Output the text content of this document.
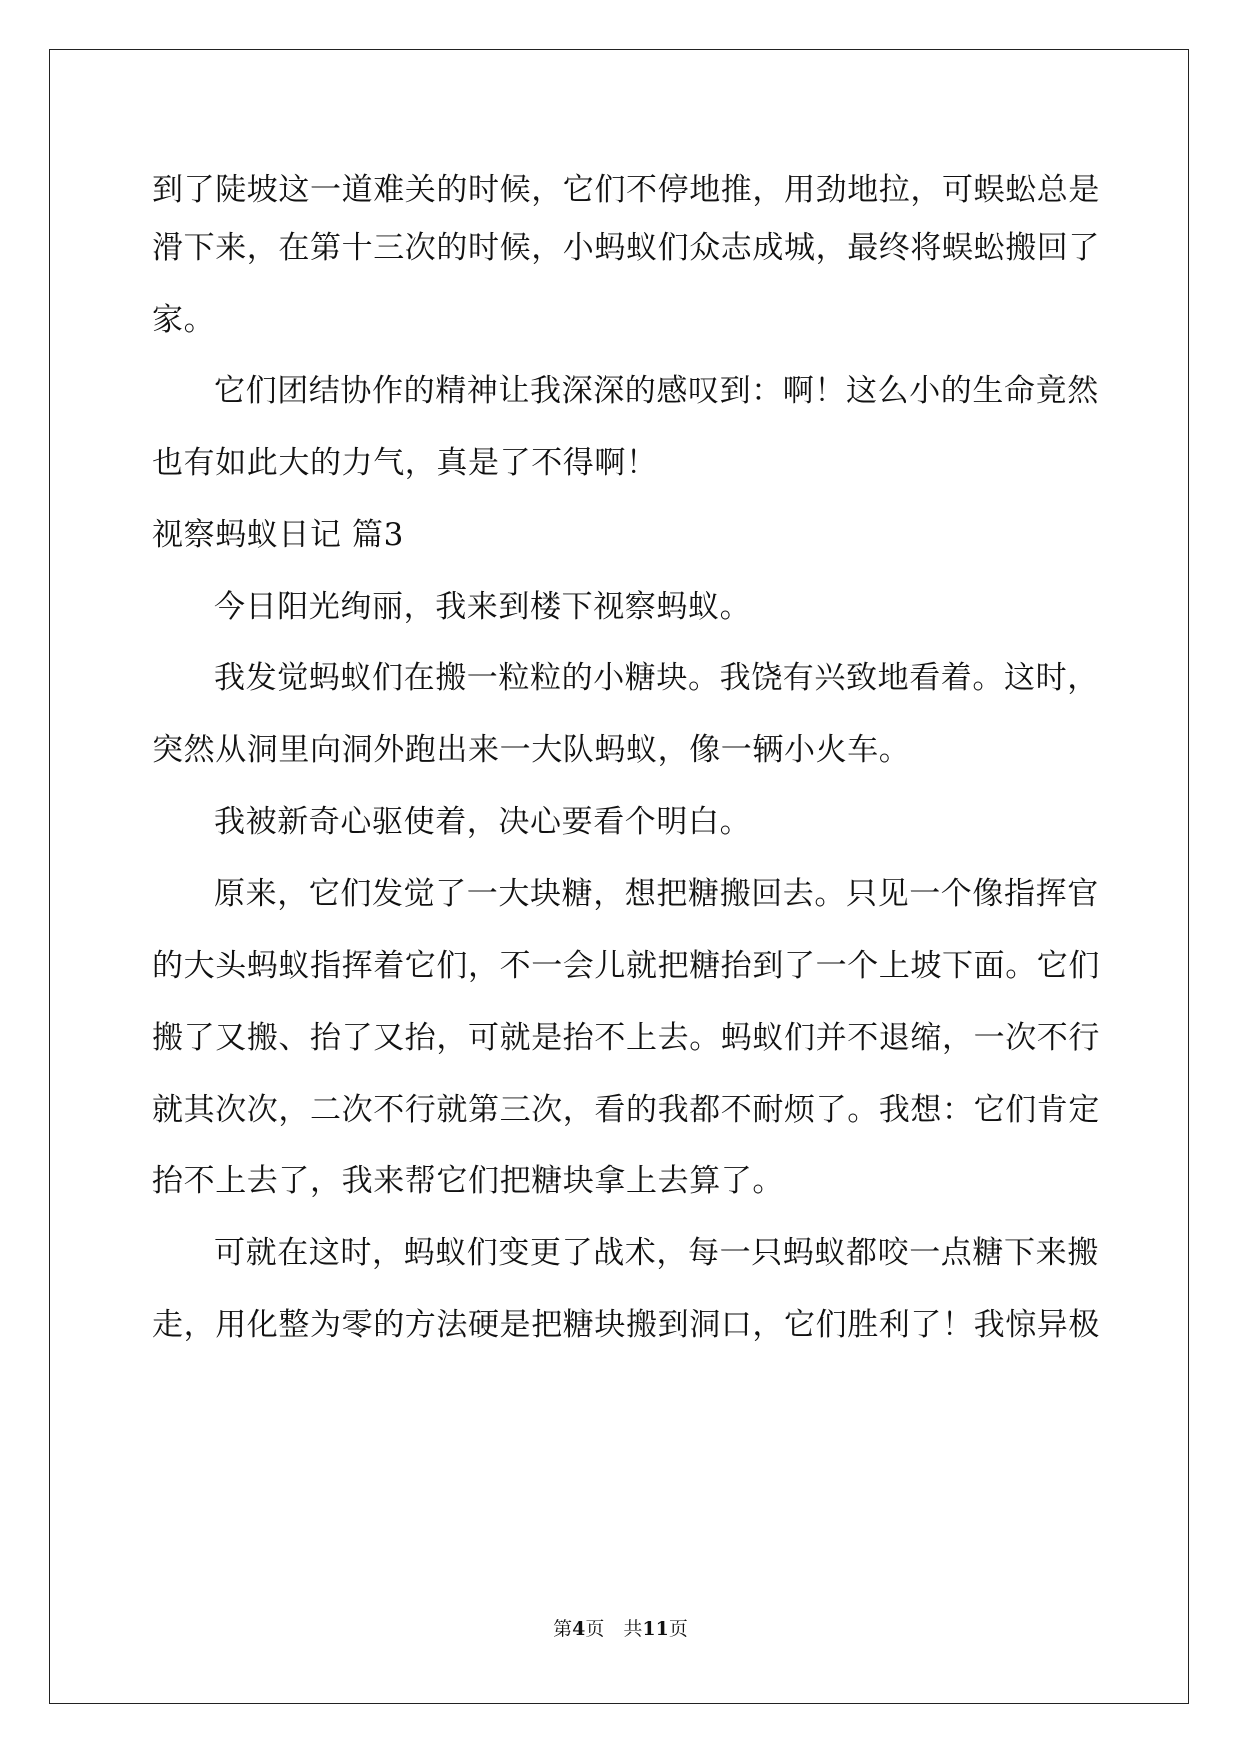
到了陡坡这一道难关的时候，它们不停地推，用劲地拉，可蜈蚣总是
滑下来，在第十三次的时候，小蚂蚁们众志成城，最终将蜈蚣搬回了
家。
它们团结协作的精神让我深深的感叹到：啊！这么小的生命竟然
也有如此大的力气，真是了不得啊！
视察蚂蚁日记 篇3
今日阳光绚丽，我来到楼下视察蚂蚁。
我发觉蚂蚁们在搬一粒粒的小糖块。我饶有兴致地看着。这时，
突然从洞里向洞外跑出来一大队蚂蚁，像一辆小火车。
我被新奇心驱使着，决心要看个明白。
原来，它们发觉了一大块糖，想把糖搬回去。只见一个像指挥官
的大头蚂蚁指挥着它们，不一会儿就把糖抬到了一个上坡下面。它们
搬了又搬、抬了又抬，可就是抬不上去。蚂蚁们并不退缩，一次不行
就其次次，二次不行就第三次，看的我都不耐烦了。我想：它们肯定
抬不上去了，我来帮它们把糖块拿上去算了。
可就在这时，蚂蚁们变更了战术，每一只蚂蚁都咬一点糖下来搬
走，用化整为零的方法硬是把糖块搬到洞口，它们胜利了！我惊异极
第4页　共11页
